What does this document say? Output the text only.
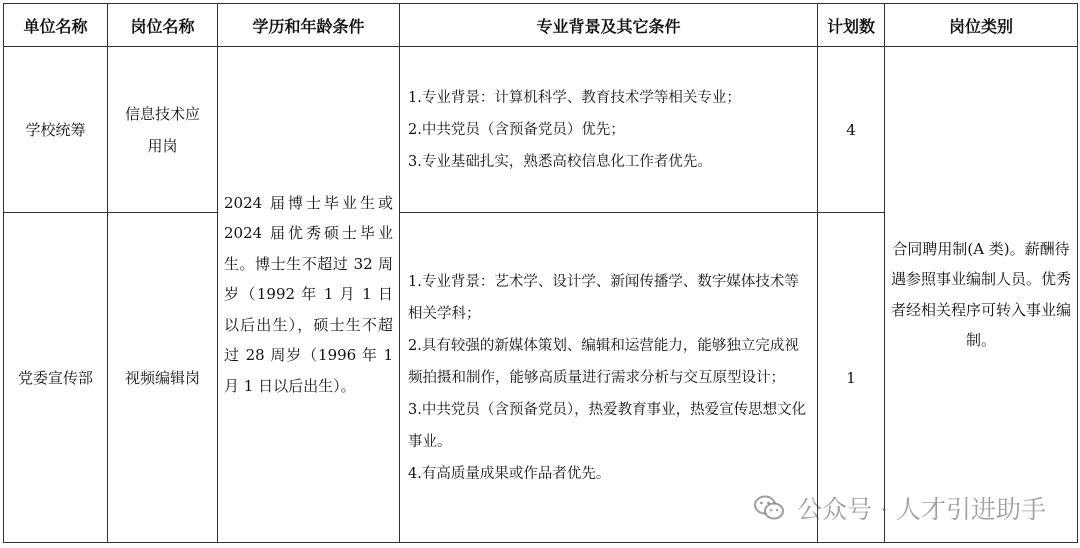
单位名称	岗位名称	学历和年龄条件	专业背景及其它条件	计划数	岗位类别
学校统筹	信息技术应用岗	2024 届博士毕业生或 2024 届优秀硕士毕业生。博士生不超过 32 周岁（1992 年 1 月 1 日以后出生），硕士生不超过 28 周岁（1996 年 1 月 1 日以后出生）。	1.专业背景：计算机科学、教育技术学等相关专业；

2.中共党员（含预备党员）优先；

3.专业基础扎实，熟悉高校信息化工作者优先。	4	合同聘用制(A 类)。薪酬待遇参照事业编制人员。优秀者经相关程序可转入事业编制。
党委宣传部	视频编辑岗		1.专业背景：艺术学、设计学、新闻传播学、数字媒体技术等相关学科；

2.具有较强的新媒体策划、编辑和运营能力，能够独立完成视频拍摄和制作，能够高质量进行需求分析与交互原型设计；

3.中共党员（含预备党员），热爱教育事业，热爱宣传思想文化事业。

4.有高质量成果或作品者优先。	1	
公众号 · 人才引进助手
